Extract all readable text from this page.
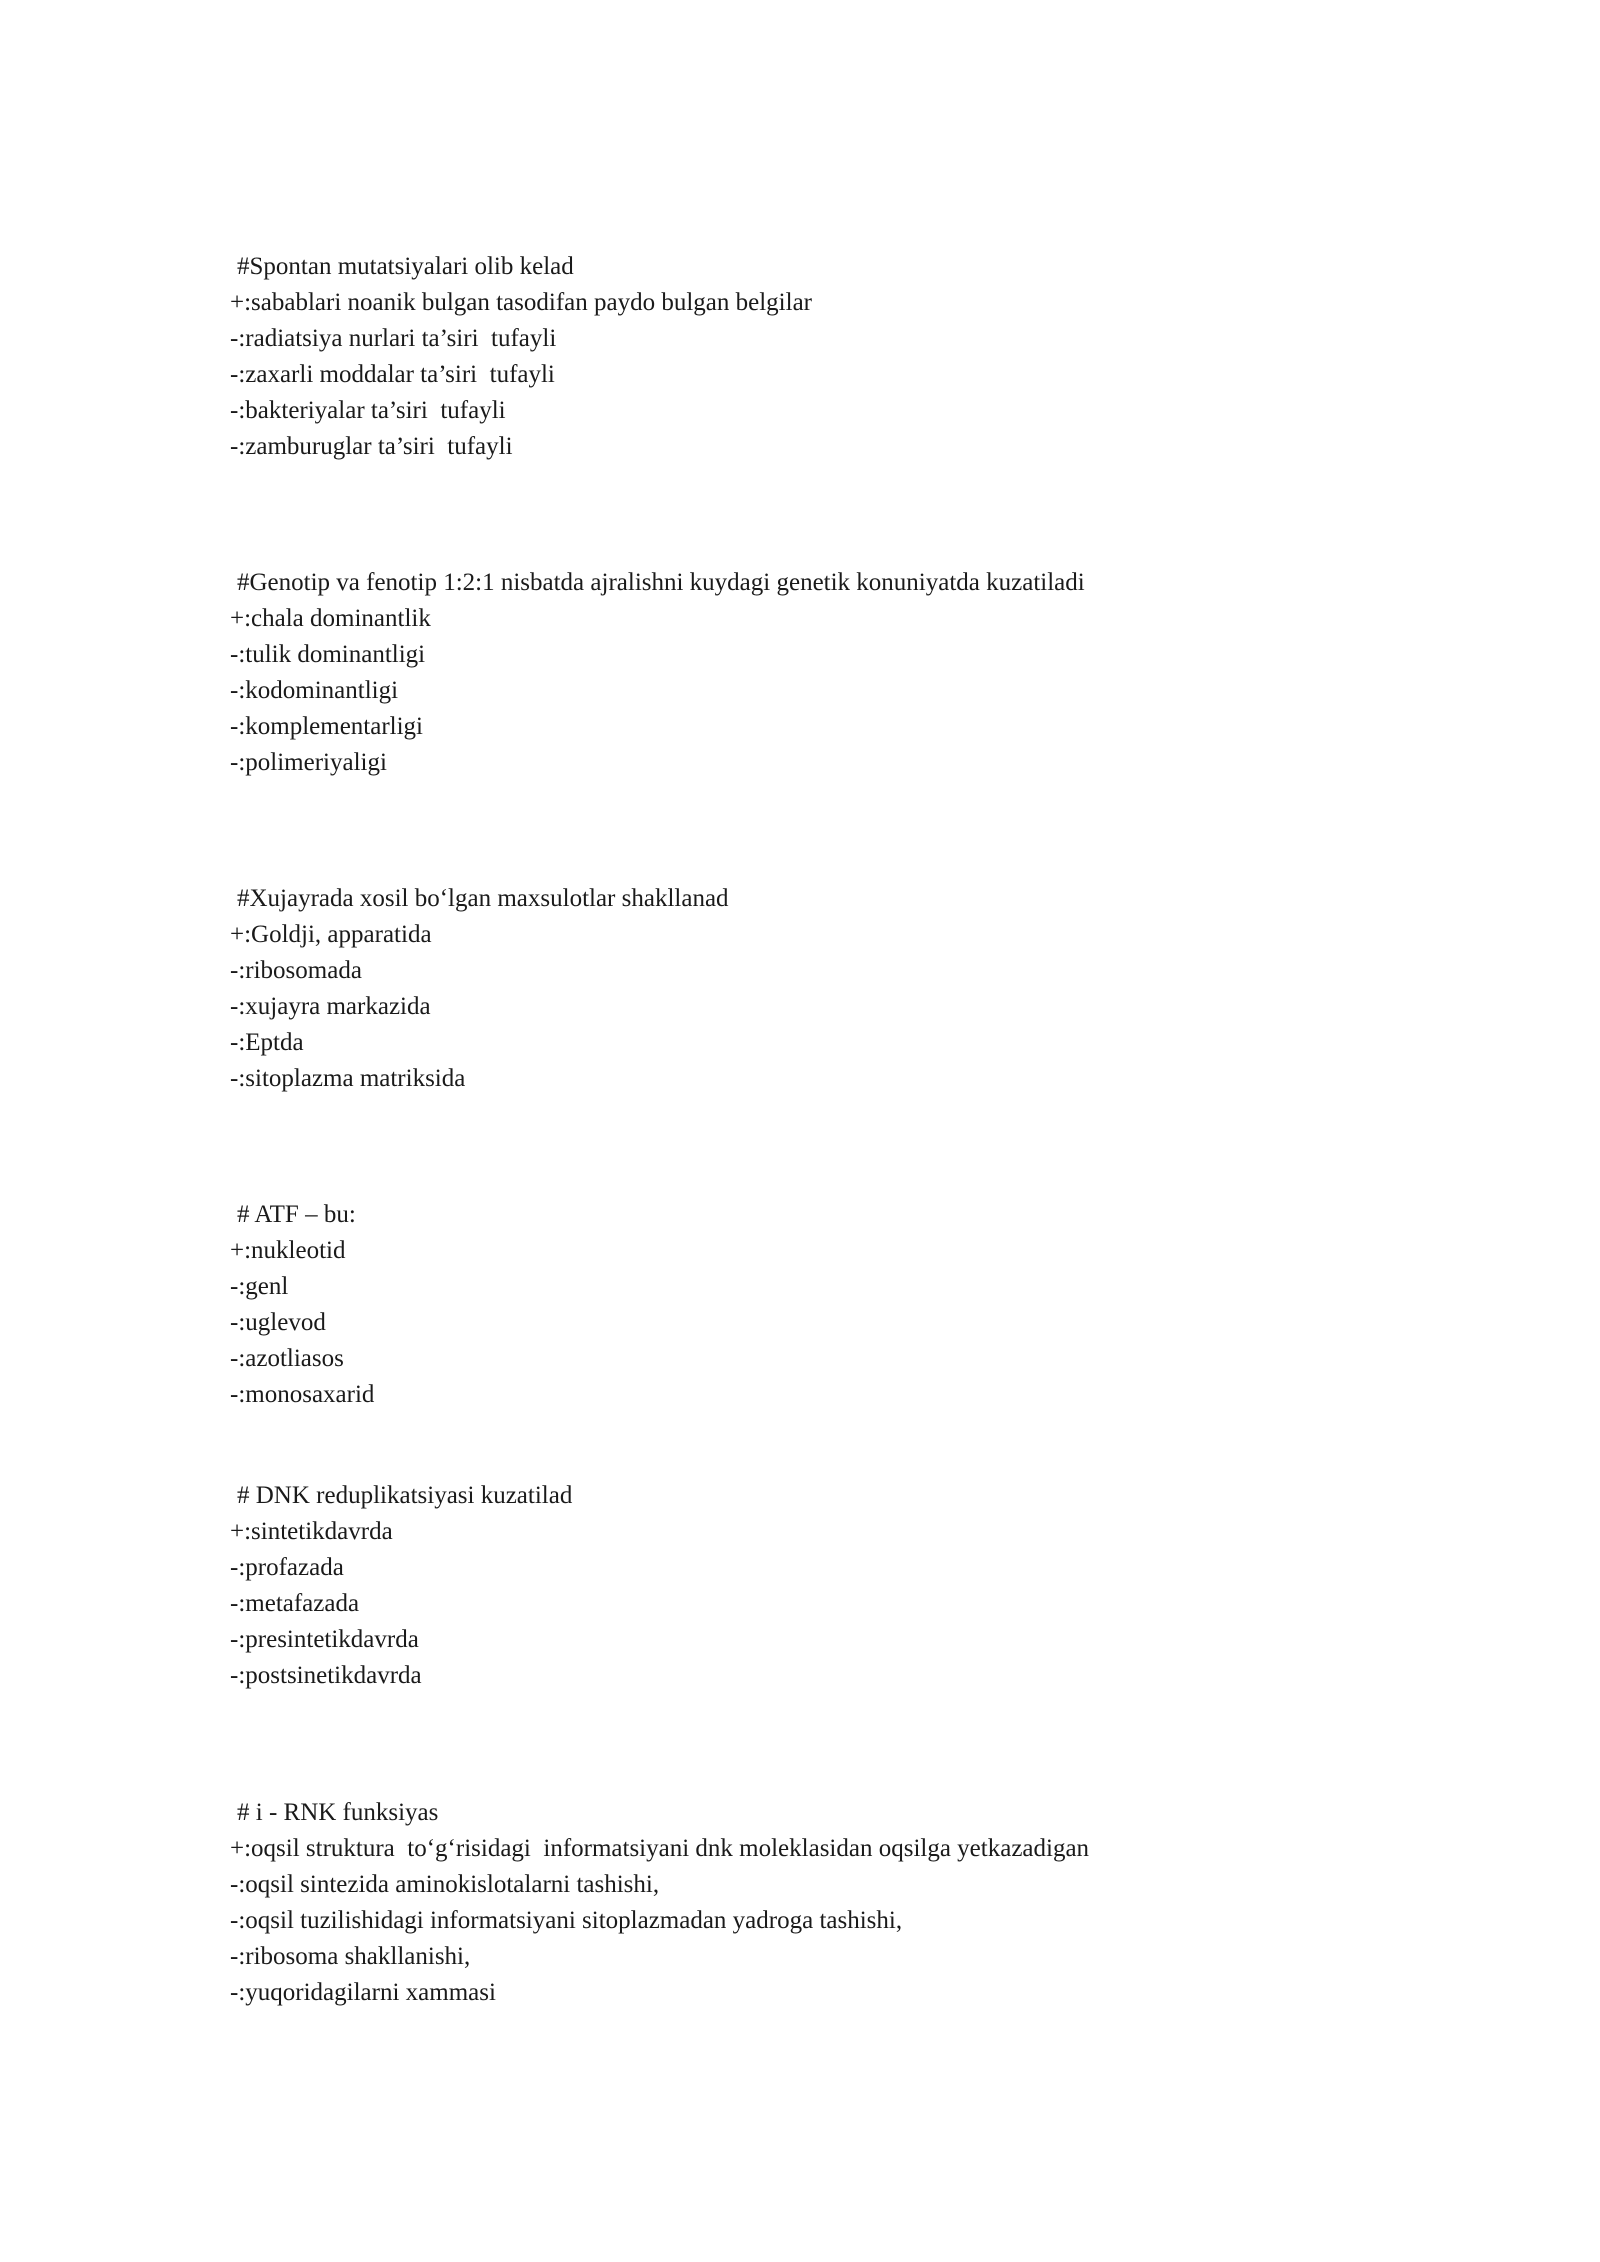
#Spontan mutatsiyalari olib kelad
+:sabablari noanik bulgan tasodifan paydo bulgan belgilar
-:radiatsiya nurlari ta’siri  tufayli
-:zaxarli moddalar ta’siri  tufayli
-:bakteriyalar ta’siri  tufayli
-:zamburuglar ta’siri  tufayli
#Genotip va fenotip 1:2:1 nisbatda ajralishni kuydagi genetik konuniyatda kuzatiladi
+:chala dominantlik
-:tulik dominantligi
-:kodominantligi
-:komplementarligi
-:polimeriyaligi
#Xujayrada xosil bo‘lgan maxsulotlar shakllanad
+:Goldji, apparatida
-:ribosomada
-:xujayra markazida
-:Eptda
-:sitoplazma matriksida
# ATF – bu:
+:nukleotid
-:genl
-:uglevod
-:azotliasos
-:monosaxarid
# DNK reduplikatsiyasi kuzatilad
+:sintetikdavrda
-:profazada
-:metafazada
-:presintetikdavrda
-:postsinetikdavrda
# i - RNK funksiyas
+:oqsil struktura  to‘g‘risidagi  informatsiyani dnk moleklasidan oqsilga yetkazadigan
-:oqsil sintezida aminokislotalarni tashishi,
-:oqsil tuzilishidagi informatsiyani sitoplazmadan yadroga tashishi,
-:ribosoma shakllanishi,
-:yuqoridagilarni xammasi
